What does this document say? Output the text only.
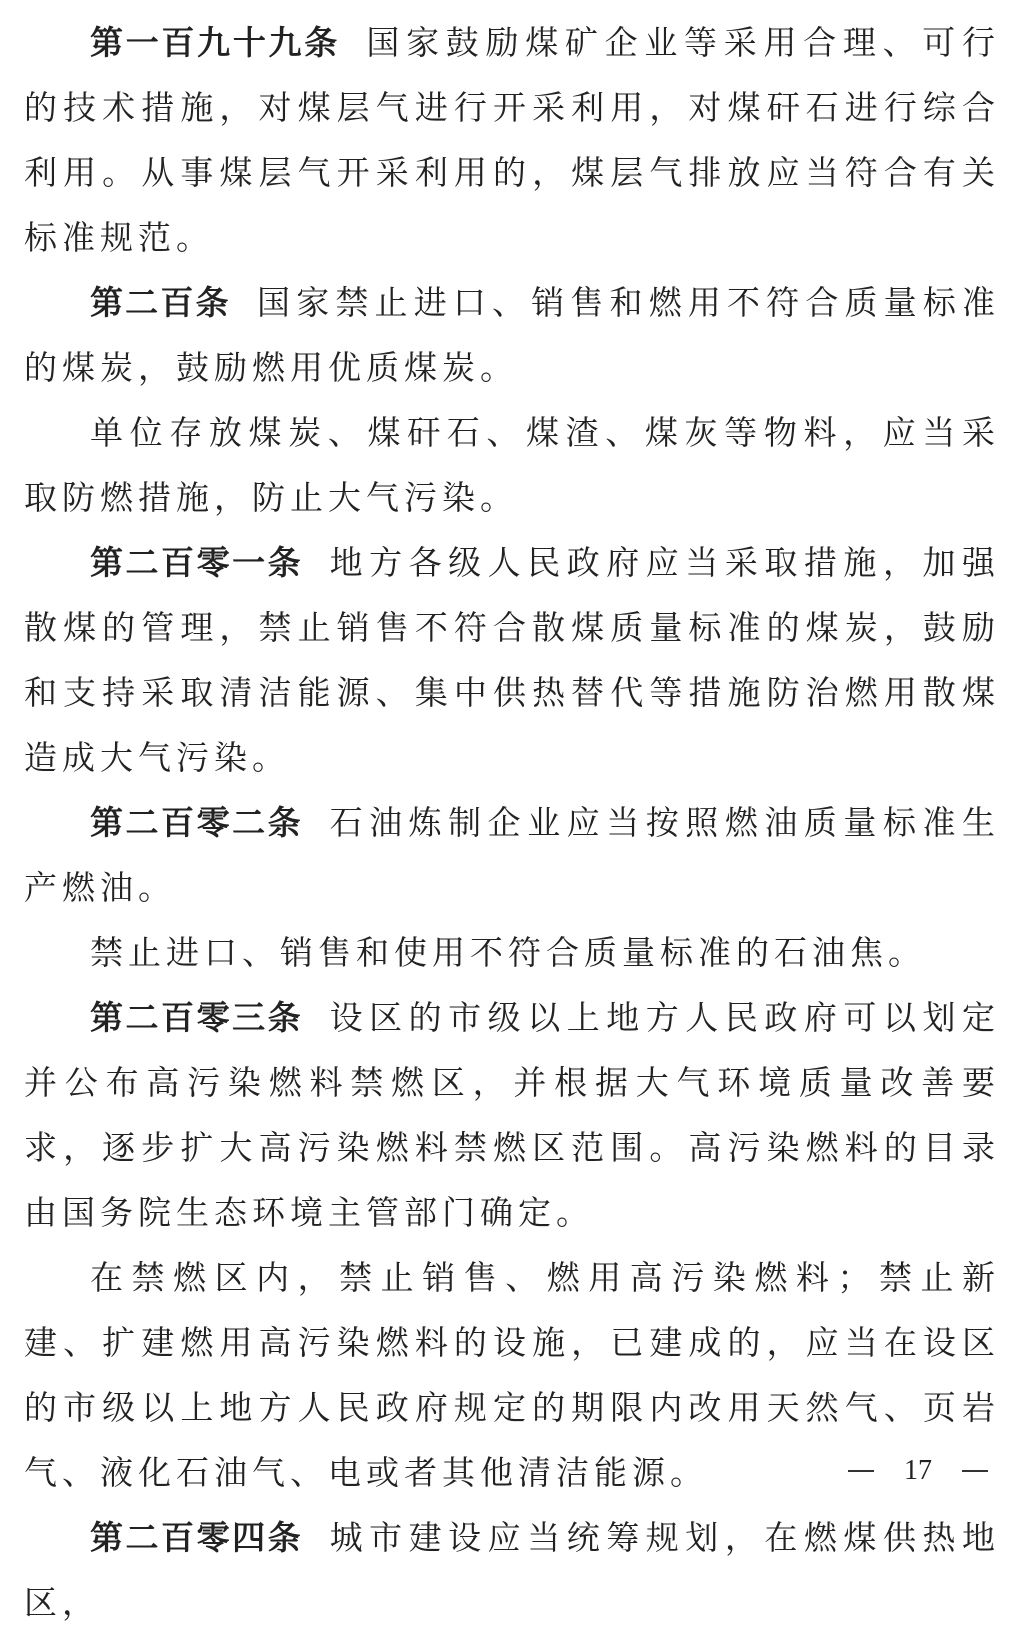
第一百九十九条 国家鼓励煤矿企业等采用合理、可行的技术措施，对煤层气进行开采利用，对煤矸石进行综合利用。从事煤层气开采利用的，煤层气排放应当符合有关标准规范。

第二百条 国家禁止进口、销售和燃用不符合质量标准的煤炭，鼓励燃用优质煤炭。

单位存放煤炭、煤矸石、煤渣、煤灰等物料，应当采取防燃措施，防止大气污染。

第二百零一条 地方各级人民政府应当采取措施，加强散煤的管理，禁止销售不符合散煤质量标准的煤炭，鼓励和支持采取清洁能源、集中供热替代等措施防治燃用散煤造成大气污染。

第二百零二条 石油炼制企业应当按照燃油质量标准生产燃油。

禁止进口、销售和使用不符合质量标准的石油焦。

第二百零三条 设区的市级以上地方人民政府可以划定并公布高污染燃料禁燃区，并根据大气环境质量改善要求，逐步扩大高污染燃料禁燃区范围。高污染燃料的目录由国务院生态环境主管部门确定。

在禁燃区内，禁止销售、燃用高污染燃料；禁止新建、扩建燃用高污染燃料的设施，已建成的，应当在设区的市级以上地方人民政府规定的期限内改用天然气、页岩气、液化石油气、电或者其他清洁能源。

第二百零四条 城市建设应当统筹规划，在燃煤供热地区，

17
